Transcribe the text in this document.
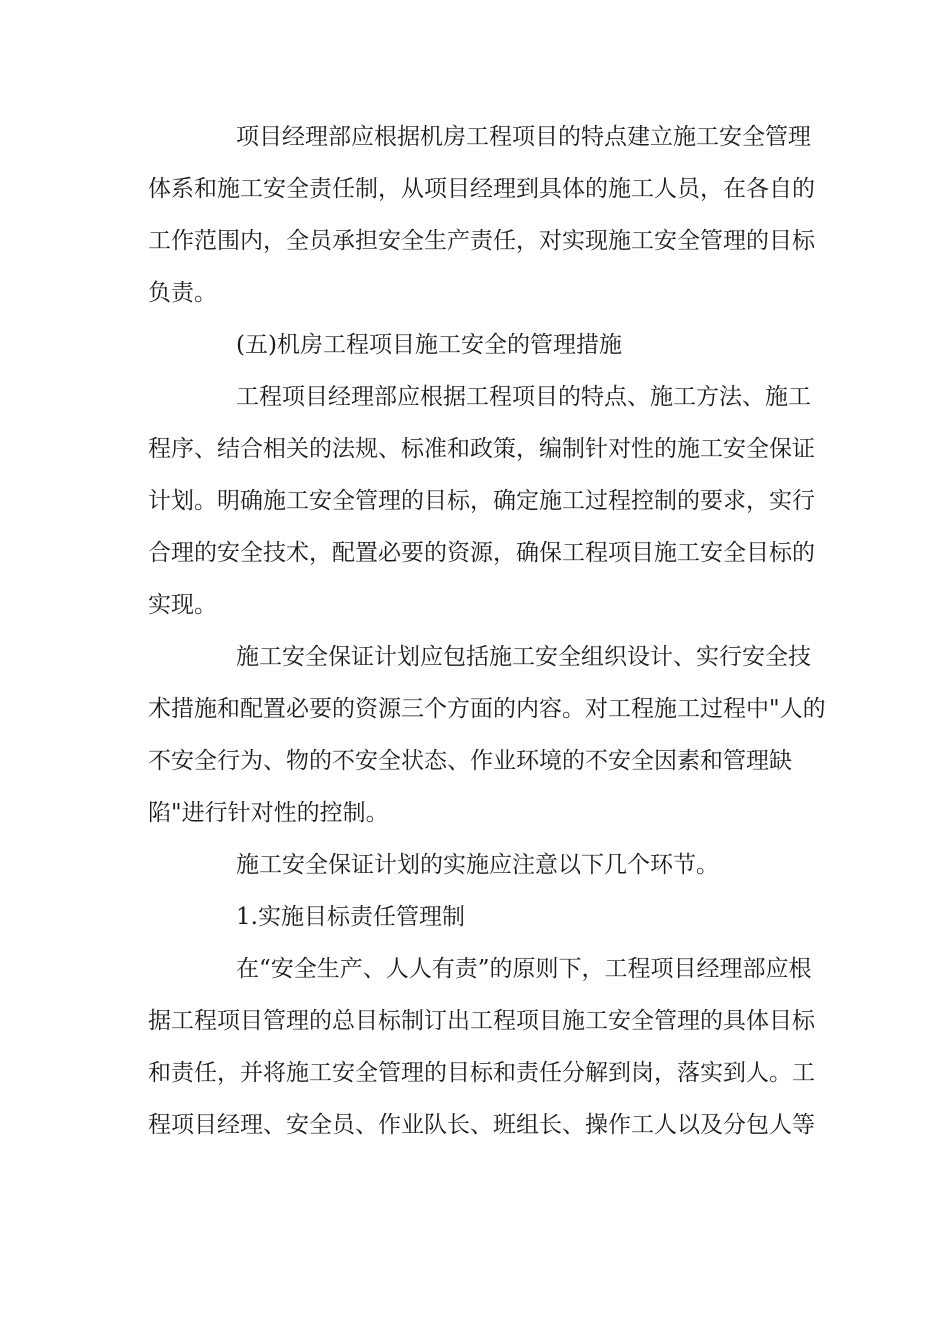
项目经理部应根据机房工程项目的特点建立施工安全管理
体系和施工安全责任制，从项目经理到具体的施工人员，在各自的
工作范围内，全员承担安全生产责任，对实现施工安全管理的目标
负责。
(五)机房工程项目施工安全的管理措施
工程项目经理部应根据工程项目的特点、施工方法、施工
程序、结合相关的法规、标准和政策，编制针对性的施工安全保证
计划。明确施工安全管理的目标，确定施工过程控制的要求，实行
合理的安全技术，配置必要的资源，确保工程项目施工安全目标的
实现。
施工安全保证计划应包括施工安全组织设计、实行安全技
术措施和配置必要的资源三个方面的内容。对工程施工过程中"人的
不安全行为、物的不安全状态、作业环境的不安全因素和管理缺
陷"进行针对性的控制。
施工安全保证计划的实施应注意以下几个环节。
1.实施目标责任管理制
在“安全生产、人人有责”的原则下，工程项目经理部应根
据工程项目管理的总目标制订出工程项目施工安全管理的具体目标
和责任，并将施工安全管理的目标和责任分解到岗，落实到人。工
程项目经理、安全员、作业队长、班组长、操作工人以及分包人等
